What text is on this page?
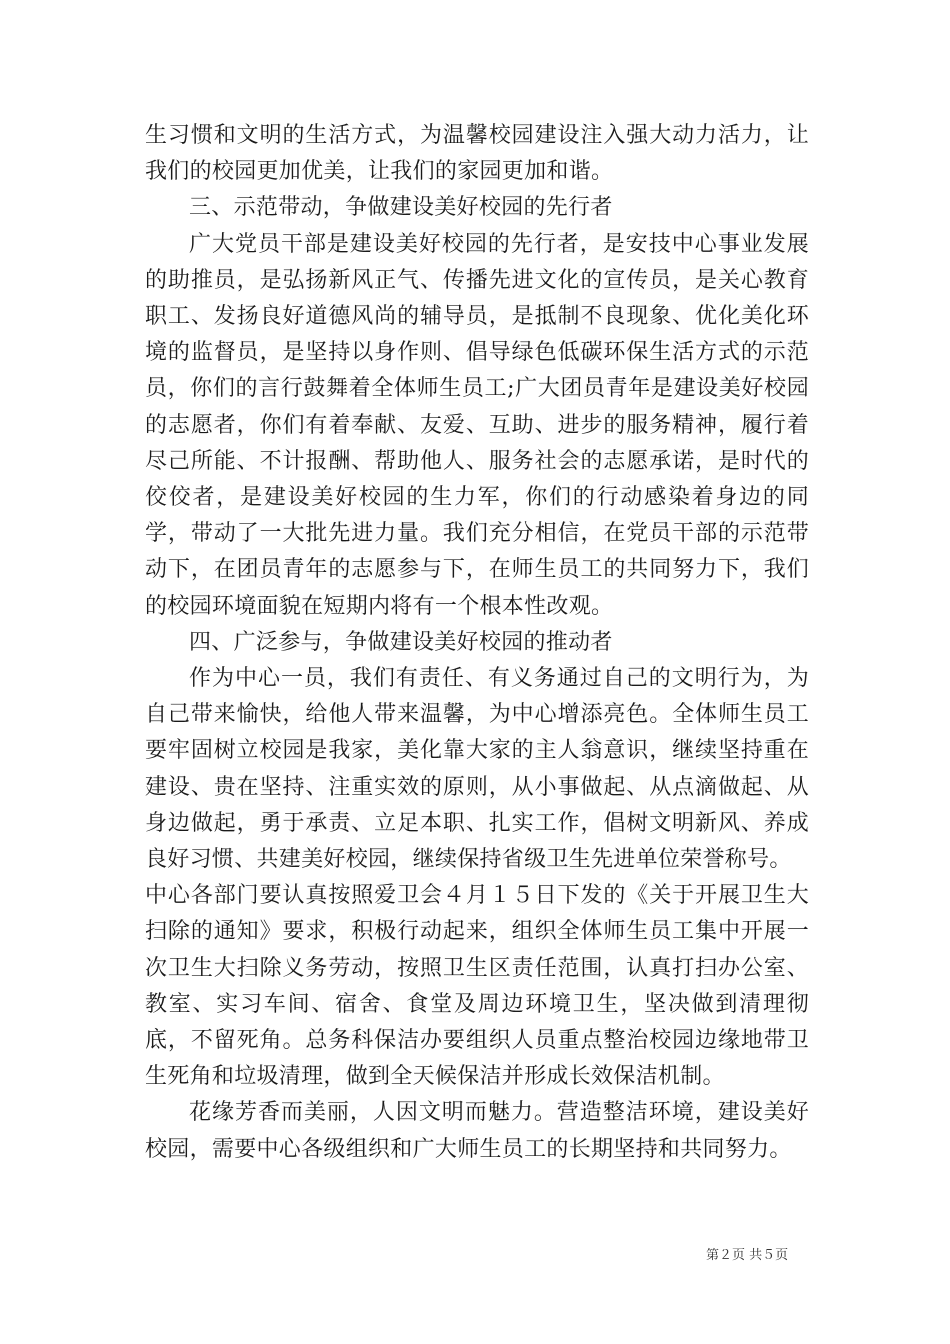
生习惯和文明的生活方式，为温馨校园建设注入强大动力活力，让我们的校园更加优美，让我们的家园更加和谐。

三、示范带动，争做建设美好校园的先行者

广大党员干部是建设美好校园的先行者，是安技中心事业发展的助推员，是弘扬新风正气、传播先进文化的宣传员，是关心教育职工、发扬良好道德风尚的辅导员，是抵制不良现象、优化美化环境的监督员，是坚持以身作则、倡导绿色低碳环保生活方式的示范员，你们的言行鼓舞着全体师生员工;广大团员青年是建设美好校园的志愿者，你们有着奉献、友爱、互助、进步的服务精神，履行着尽己所能、不计报酬、帮助他人、服务社会的志愿承诺，是时代的佼佼者，是建设美好校园的生力军，你们的行动感染着身边的同学，带动了一大批先进力量。我们充分相信，在党员干部的示范带动下，在团员青年的志愿参与下，在师生员工的共同努力下，我们的校园环境面貌在短期内将有一个根本性改观。

四、广泛参与，争做建设美好校园的推动者

作为中心一员，我们有责任、有义务通过自己的文明行为，为自己带来愉快，给他人带来温馨，为中心增添亮色。全体师生员工要牢固树立校园是我家，美化靠大家的主人翁意识，继续坚持重在建设、贵在坚持、注重实效的原则，从小事做起、从点滴做起、从身边做起，勇于承责、立足本职、扎实工作，倡树文明新风、养成良好习惯、共建美好校园，继续保持省级卫生先进单位荣誉称号。

中心各部门要认真按照爱卫会４月１５日下发的《关于开展卫生大扫除的通知》要求，积极行动起来，组织全体师生员工集中开展一次卫生大扫除义务劳动，按照卫生区责任范围，认真打扫办公室、教室、实习车间、宿舍、食堂及周边环境卫生，坚决做到清理彻底，不留死角。总务科保洁办要组织人员重点整治校园边缘地带卫生死角和垃圾清理，做到全天候保洁并形成长效保洁机制。

花缘芳香而美丽，人因文明而魅力。营造整洁环境，建设美好校园，需要中心各级组织和广大师生员工的长期坚持和共同努力。

第２页 共５页
